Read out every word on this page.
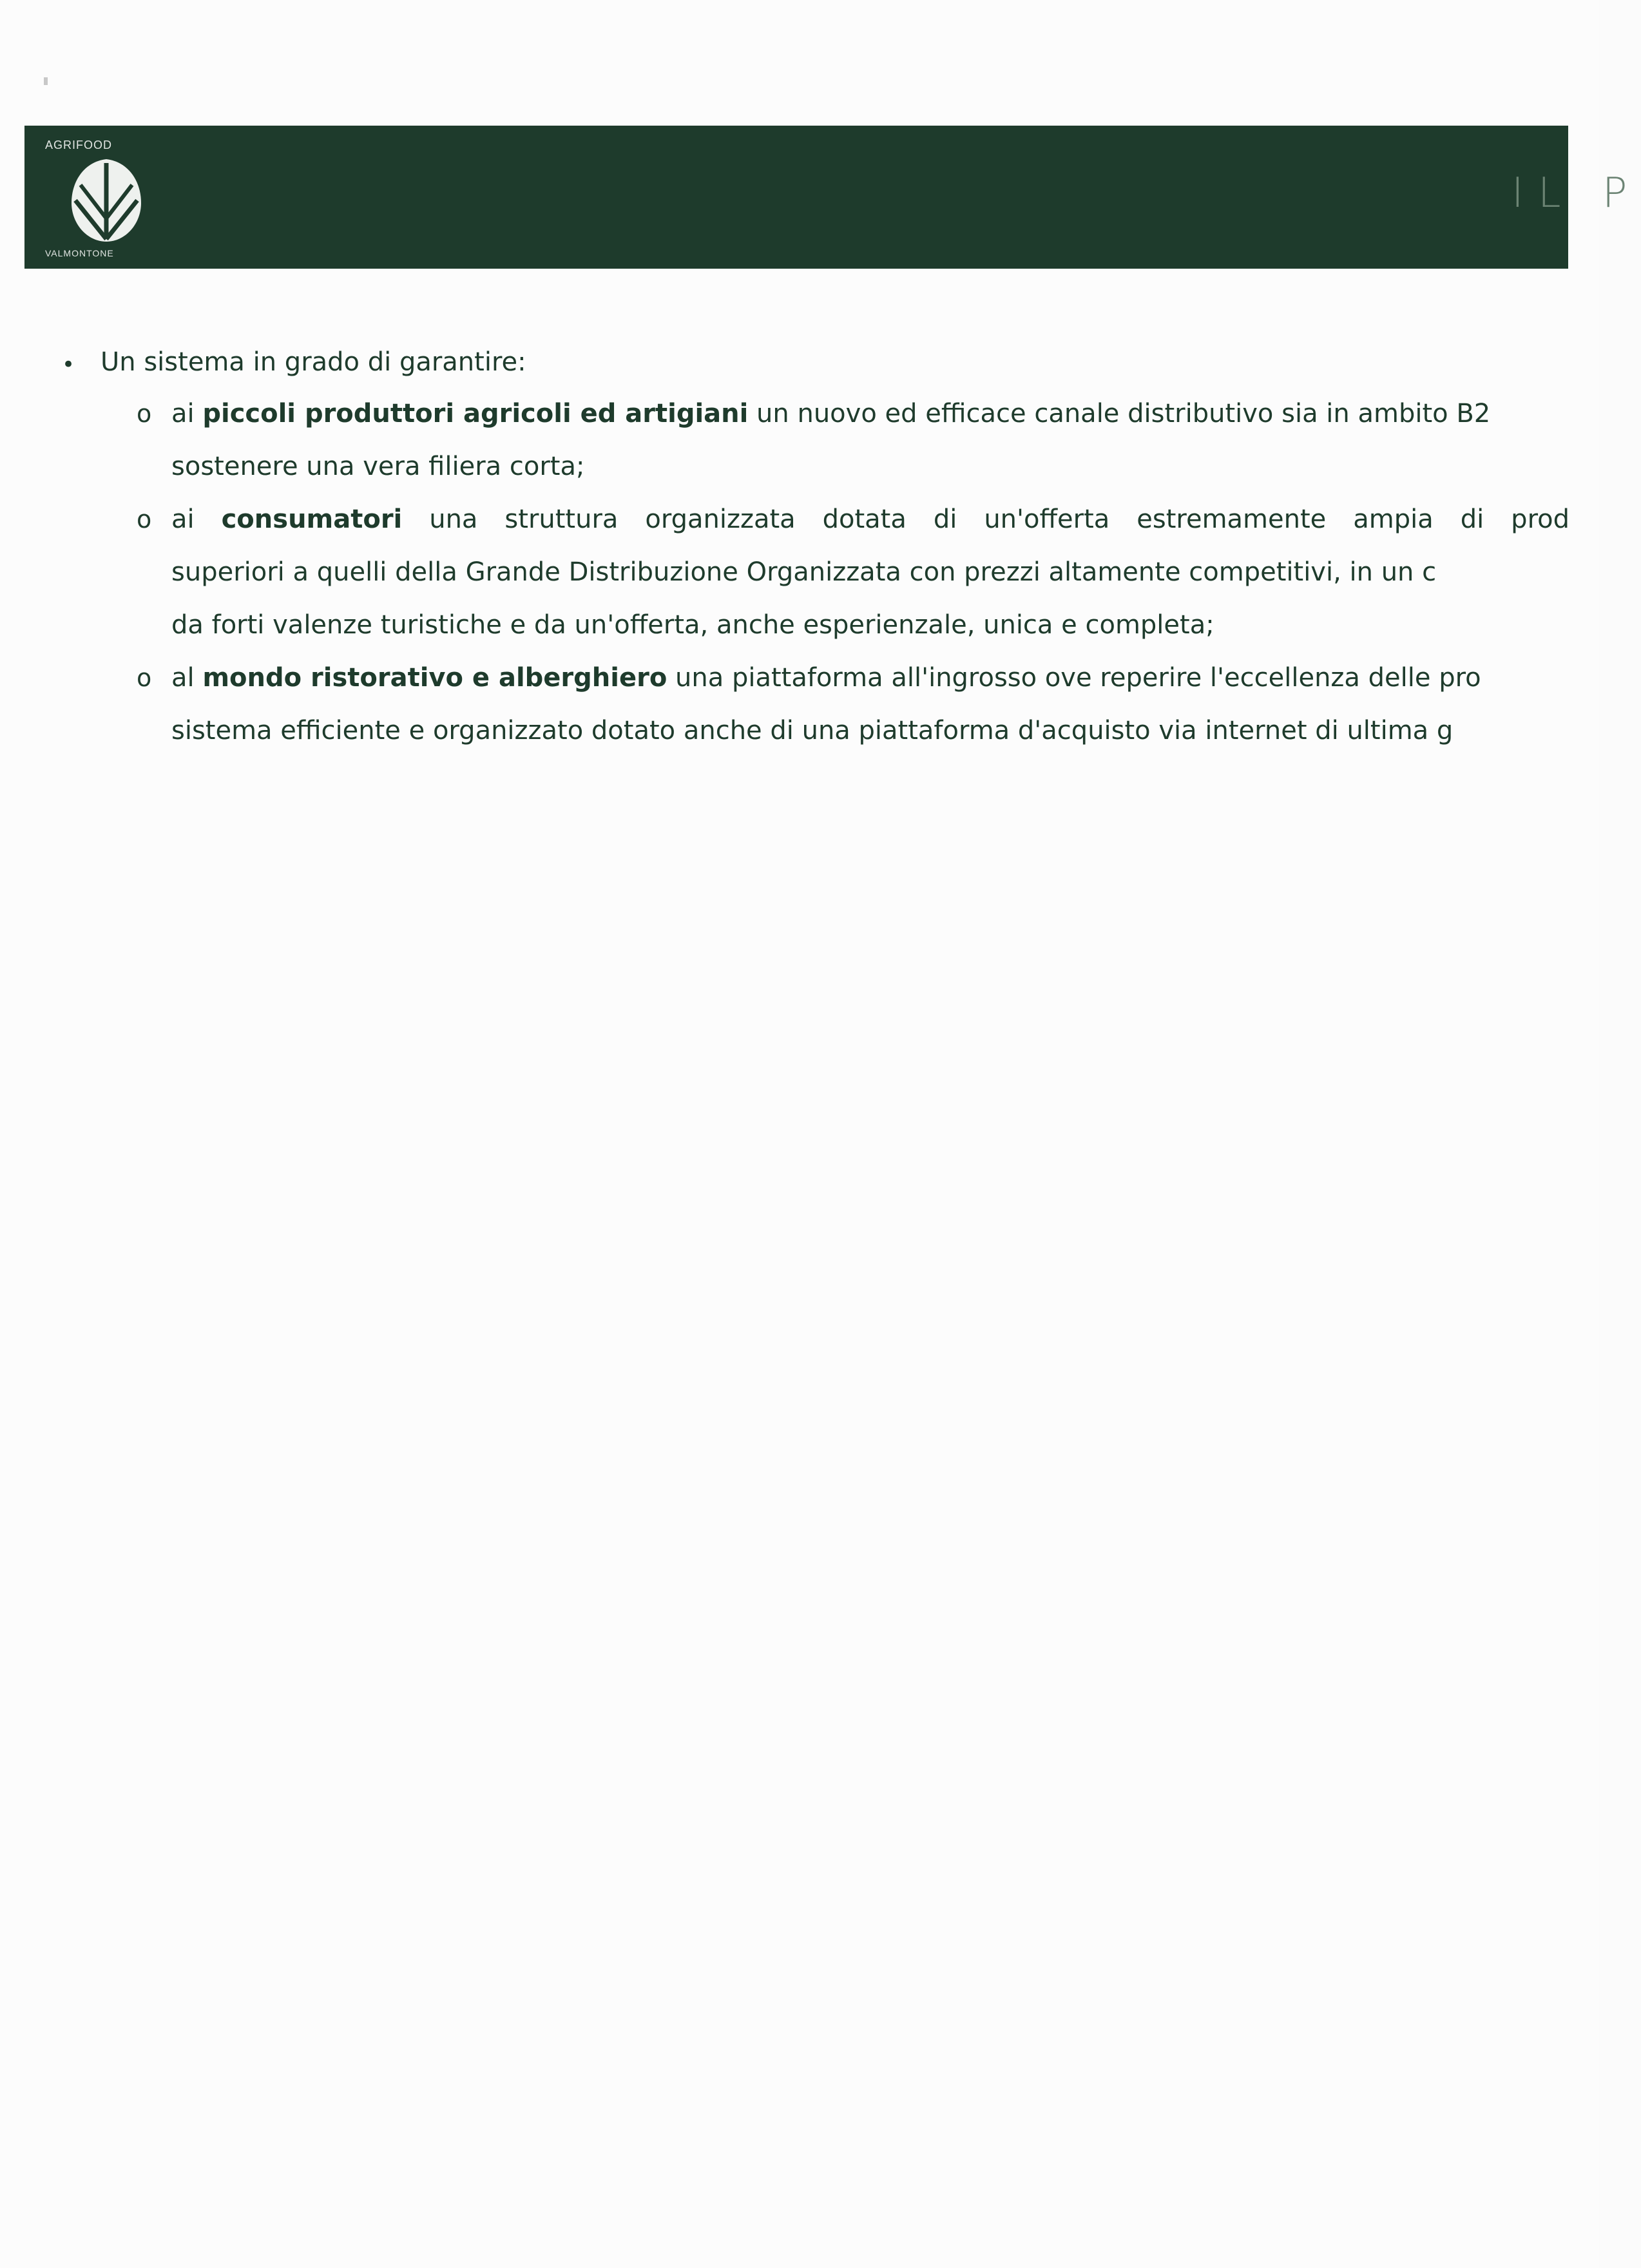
AGRIFOOD
VALMONTONE
IL P
• Un sistema in grado di garantire:
o ai piccoli produttori agricoli ed artigiani un nuovo ed efficace canale distributivo sia in ambito B2
sostenere una vera filiera corta;
o ai consumatori una struttura organizzata dotata di un'offerta estremamente ampia di prod
superiori a quelli della Grande Distribuzione Organizzata con prezzi altamente competitivi, in un c
da forti valenze turistiche e da un'offerta, anche esperienzale, unica e completa;
o al mondo ristorativo e alberghiero una piattaforma all'ingrosso ove reperire l'eccellenza delle pro
sistema efficiente e organizzato dotato anche di una piattaforma d'acquisto via internet di ultima g
